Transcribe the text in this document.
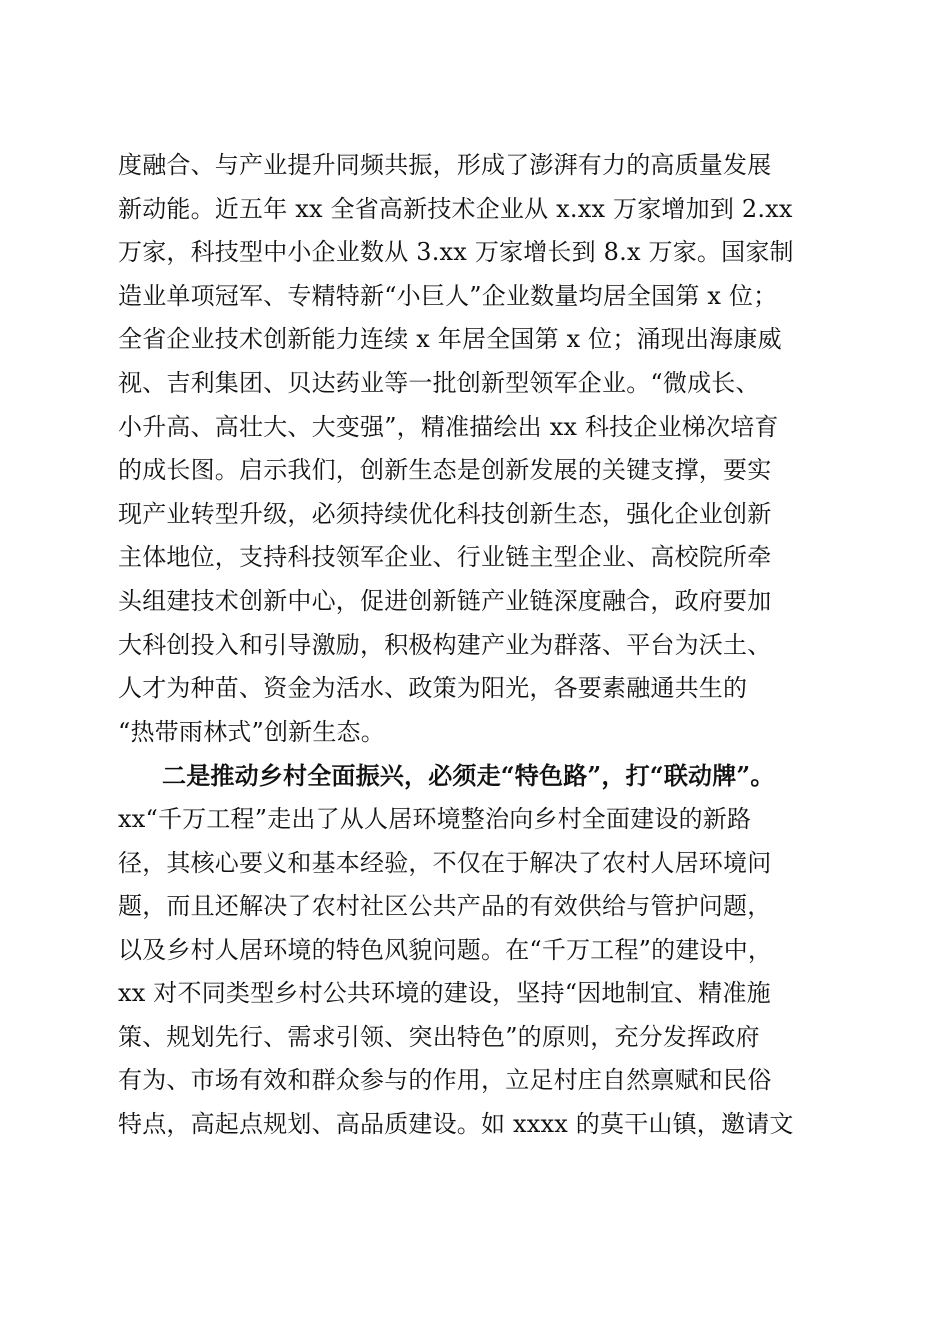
度融合、与产业提升同频共振，形成了澎湃有力的高质量发展
新动能。近五年 xx 全省高新技术企业从 x.xx 万家增加到 2.xx
万家，科技型中小企业数从 3.xx 万家增长到 8.x 万家。国家制
造业单项冠军、专精特新“小巨人”企业数量均居全国第 x 位；
全省企业技术创新能力连续 x 年居全国第 x 位；涌现出海康威
视、吉利集团、贝达药业等一批创新型领军企业。“微成长、
小升高、高壮大、大变强”，精准描绘出 xx 科技企业梯次培育
的成长图。启示我们，创新生态是创新发展的关键支撑，要实
现产业转型升级，必须持续优化科技创新生态，强化企业创新
主体地位，支持科技领军企业、行业链主型企业、高校院所牵
头组建技术创新中心，促进创新链产业链深度融合，政府要加
大科创投入和引导激励，积极构建产业为群落、平台为沃土、
人才为种苗、资金为活水、政策为阳光，各要素融通共生的
“热带雨林式”创新生态。
二是推动乡村全面振兴，必须走“特色路”，打“联动牌”。
xx“千万工程”走出了从人居环境整治向乡村全面建设的新路
径，其核心要义和基本经验，不仅在于解决了农村人居环境问
题，而且还解决了农村社区公共产品的有效供给与管护问题，
以及乡村人居环境的特色风貌问题。在“千万工程”的建设中，
xx 对不同类型乡村公共环境的建设，坚持“因地制宜、精准施
策、规划先行、需求引领、突出特色”的原则，充分发挥政府
有为、市场有效和群众参与的作用，立足村庄自然禀赋和民俗
特点，高起点规划、高品质建设。如 xxxx 的莫干山镇，邀请文
